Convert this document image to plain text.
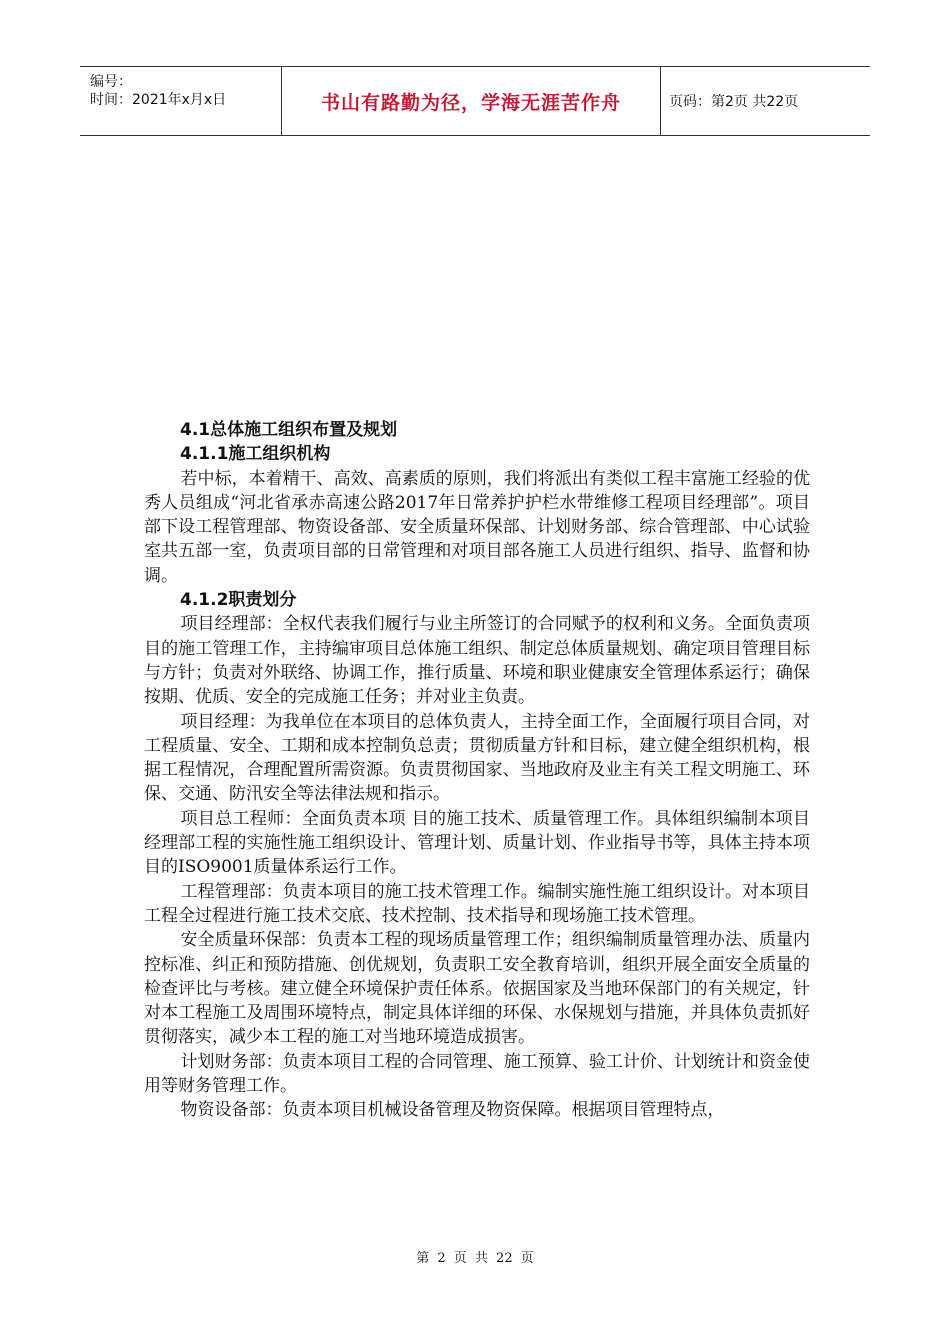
编号：
时间：2021年x月x日	书山有路勤为径，学海无涯苦作舟	页码：第2页 共22页

4.1总体施工组织布置及规划

4.1.1施工组织机构

若中标，本着精干、高效、高素质的原则，我们将派出有类似工程丰富施工经验的优秀人员组成“河北省承赤高速公路2017年日常养护护栏水带维修工程项目经理部”。项目部下设工程管理部、物资设备部、安全质量环保部、计划财务部、综合管理部、中心试验室共五部一室，负责项目部的日常管理和对项目部各施工人员进行组织、指导、监督和协调。

4.1.2职责划分

项目经理部：全权代表我们履行与业主所签订的合同赋予的权利和义务。全面负责项目的施工管理工作，主持编审项目总体施工组织、制定总体质量规划、确定项目管理目标与方针；负责对外联络、协调工作，推行质量、环境和职业健康安全管理体系运行；确保按期、优质、安全的完成施工任务；并对业主负责。

项目经理：为我单位在本项目的总体负责人，主持全面工作，全面履行项目合同，对工程质量、安全、工期和成本控制负总责；贯彻质量方针和目标，建立健全组织机构，根据工程情况，合理配置所需资源。负责贯彻国家、当地政府及业主有关工程文明施工、环保、交通、防汛安全等法律法规和指示。

项目总工程师：全面负责本项 目的施工技术、质量管理工作。具体组织编制本项目经理部工程的实施性施工组织设计、管理计划、质量计划、作业指导书等，具体主持本项目的ISO9001质量体系运行工作。

工程管理部：负责本项目的施工技术管理工作。编制实施性施工组织设计。对本项目工程全过程进行施工技术交底、技术控制、技术指导和现场施工技术管理。

安全质量环保部：负责本工程的现场质量管理工作；组织编制质量管理办法、质量内控标准、纠正和预防措施、创优规划，负责职工安全教育培训，组织开展全面安全质量的检查评比与考核。建立健全环境保护责任体系。依据国家及当地环保部门的有关规定，针对本工程施工及周围环境特点，制定具体详细的环保、水保规划与措施，并具体负责抓好贯彻落实，减少本工程的施工对当地环境造成损害。

计划财务部：负责本项目工程的合同管理、施工预算、验工计价、计划统计和资金使用等财务管理工作。

物资设备部：负责本项目机械设备管理及物资保障。根据项目管理特点，

第 2 页 共 22 页
